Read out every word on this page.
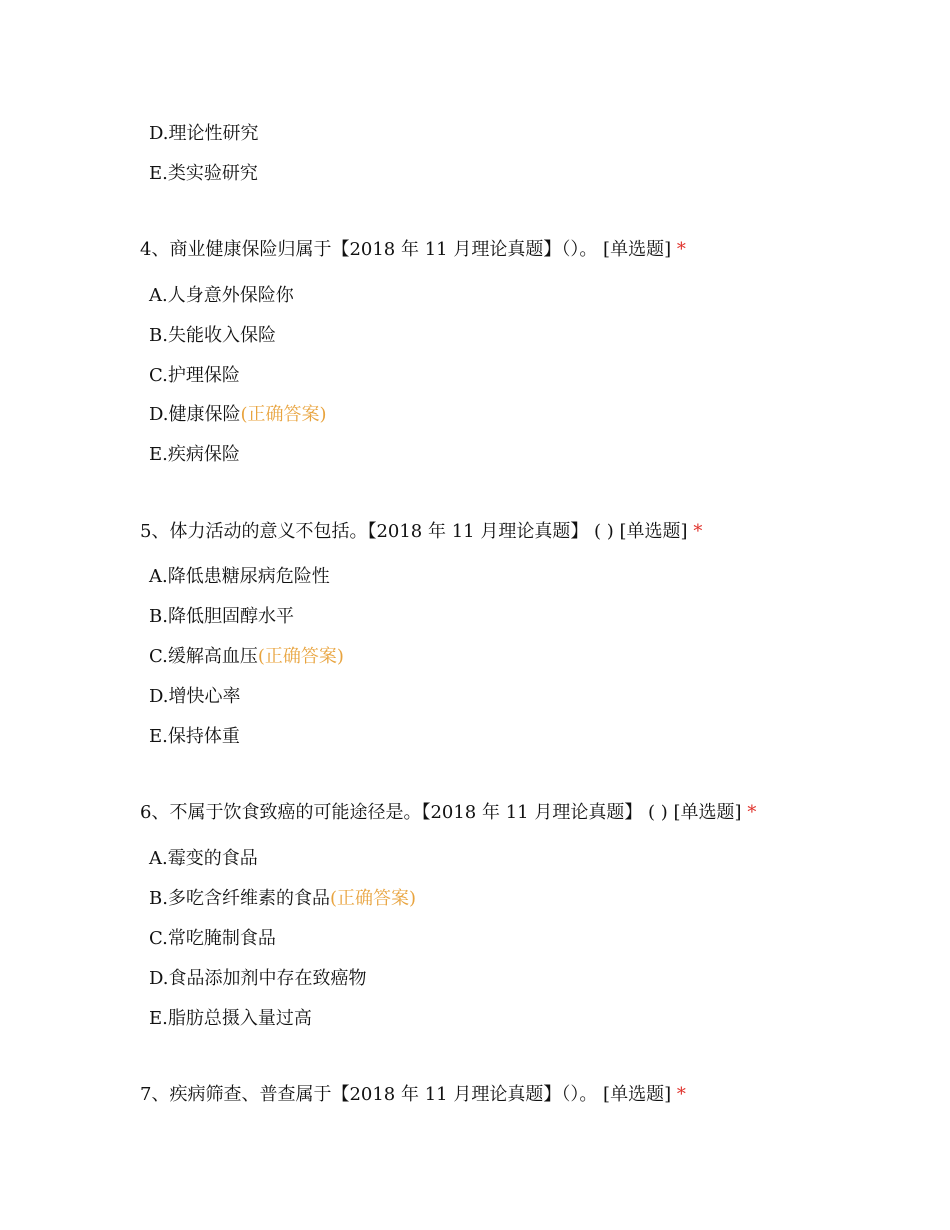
D.理论性研究
E.类实验研究
4、商业健康保险归属于【2018 年 11 月理论真题】（）。 [单选题] *
A.人身意外保险你
B.失能收入保险
C.护理保险
D.健康保险(正确答案)
E.疾病保险
5、体力活动的意义不包括。【2018 年 11 月理论真题】 ( ) [单选题] *
A.降低患糖尿病危险性
B.降低胆固醇水平
C.缓解高血压(正确答案)
D.增快心率
E.保持体重
6、不属于饮食致癌的可能途径是。【2018 年 11 月理论真题】 ( ) [单选题] *
A.霉变的食品
B.多吃含纤维素的食品(正确答案)
C.常吃腌制食品
D.食品添加剂中存在致癌物
E.脂肪总摄入量过高
7、疾病筛查、普查属于【2018 年 11 月理论真题】（）。 [单选题] *
